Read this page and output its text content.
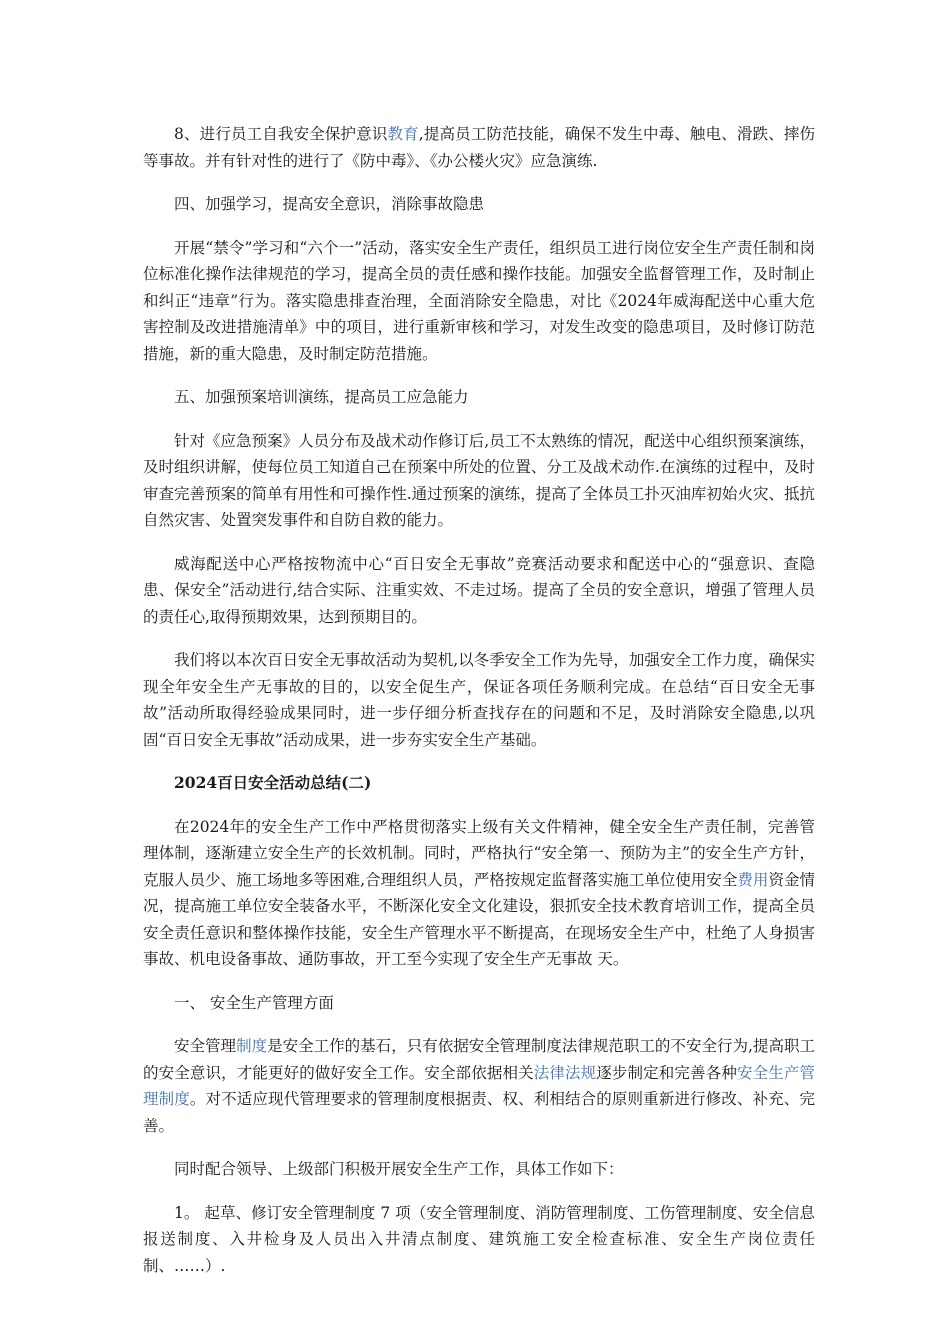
8、进行员工自我安全保护意识教育,提高员工防范技能，确保不发生中毒、触电、滑跌、摔伤等事故。并有针对性的进行了《防中毒》、《办公楼火灾》应急演练.

四、加强学习，提高安全意识，消除事故隐患

开展“禁令”学习和“六个一”活动，落实安全生产责任，组织员工进行岗位安全生产责任制和岗位标准化操作法律规范的学习，提高全员的责任感和操作技能。加强安全监督管理工作，及时制止和纠正“违章”行为。落实隐患排查治理，全面消除安全隐患，对比《2024年威海配送中心重大危害控制及改进措施清单》中的项目，进行重新审核和学习，对发生改变的隐患项目，及时修订防范措施，新的重大隐患，及时制定防范措施。

五、加强预案培训演练，提高员工应急能力

针对《应急预案》人员分布及战术动作修订后,员工不太熟练的情况，配送中心组织预案演练，及时组织讲解，使每位员工知道自己在预案中所处的位置、分工及战术动作.在演练的过程中，及时审查完善预案的简单有用性和可操作性.通过预案的演练，提高了全体员工扑灭油库初始火灾、抵抗自然灾害、处置突发事件和自防自救的能力。

威海配送中心严格按物流中心“百日安全无事故”竞赛活动要求和配送中心的“强意识、查隐患、保安全”活动进行,结合实际、注重实效、不走过场。提高了全员的安全意识，增强了管理人员的责任心,取得预期效果，达到预期目的。

我们将以本次百日安全无事故活动为契机,以冬季安全工作为先导，加强安全工作力度，确保实现全年安全生产无事故的目的，以安全促生产，保证各项任务顺利完成。在总结“百日安全无事故”活动所取得经验成果同时，进一步仔细分析查找存在的问题和不足，及时消除安全隐患,以巩固“百日安全无事故”活动成果，进一步夯实安全生产基础。

2024百日安全活动总结(二)

在2024年的安全生产工作中严格贯彻落实上级有关文件精神，健全安全生产责任制，完善管理体制，逐渐建立安全生产的长效机制。同时，严格执行“安全第一、预防为主”的安全生产方针，克服人员少、施工场地多等困难,合理组织人员，严格按规定监督落实施工单位使用安全费用资金情况，提高施工单位安全装备水平，不断深化安全文化建设，狠抓安全技术教育培训工作，提高全员安全责任意识和整体操作技能，安全生产管理水平不断提高，在现场安全生产中，杜绝了人身损害事故、机电设备事故、通防事故，开工至今实现了安全生产无事故 天。

一、 安全生产管理方面

安全管理制度是安全工作的基石，只有依据安全管理制度法律规范职工的不安全行为,提高职工的安全意识，才能更好的做好安全工作。安全部依据相关法律法规逐步制定和完善各种安全生产管理制度。对不适应现代管理要求的管理制度根据责、权、利相结合的原则重新进行修改、补充、完善。

同时配合领导、上级部门积极开展安全生产工作，具体工作如下：

1。 起草、修订安全管理制度 7 项（安全管理制度、消防管理制度、工伤管理制度、安全信息报送制度、入井检身及人员出入井清点制度、建筑施工安全检查标准、安全生产岗位责任制、……）.
